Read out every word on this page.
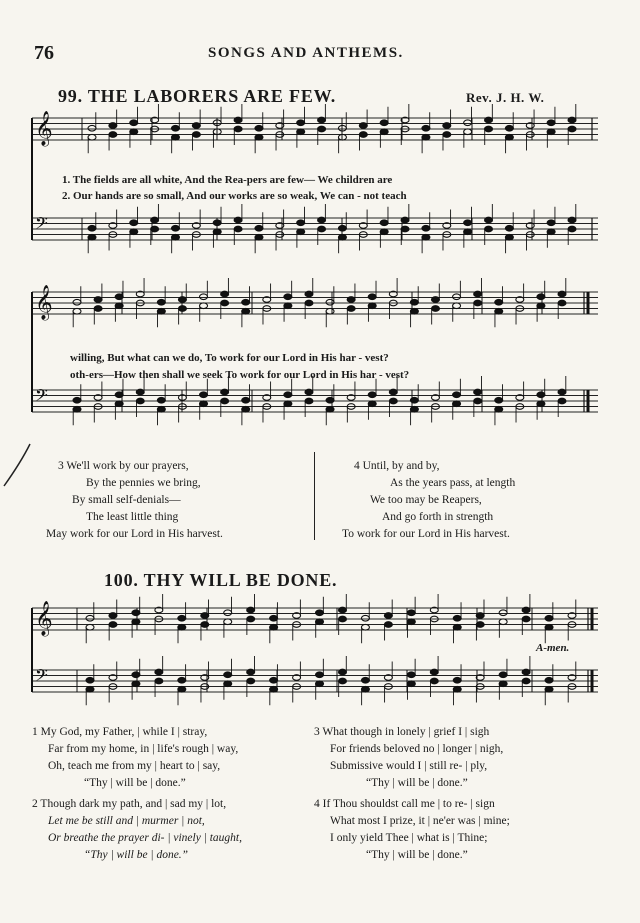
76	SONGS AND ANTHEMS.
99. THE LABORERS ARE FEW.	Rev. J. H. W.
𝄞
𝄢
1. The fields are all white, And the Rea-pers are few— We children are
2. Our hands are so small, And our works are so weak, We can - not teach
𝄞
𝄢
willing, But what can we do, To work for our Lord in His har - vest?
oth-ers—How then shall we seek To work for our Lord in His har - vest?
3 We'll work by our prayers,
By the pennies we bring,
By small self-denials—
The least little thing
May work for our Lord in His harvest.
4 Until, by and by,
As the years pass, at length
We too may be Reapers,
And go forth in strength
To work for our Lord in His harvest.
100. THY WILL BE DONE.
𝄞
𝄢
A-men.
1 My God, my Father, | while I | stray,
Far from my home, in | life's rough | way,
Oh, teach me from my | heart to | say,
“Thy | will be | done.”
2 Though dark my path, and | sad my | lot,
Let me be still and | murmer | not,
Or breathe the prayer di- | vinely | taught,
“Thy | will be | done.”
3 What though in lonely | grief I | sigh
For friends beloved no | longer | nigh,
Submissive would I | still re- | ply,
“Thy | will be | done.”
4 If Thou shouldst call me | to re- | sign
What most I prize, it | ne'er was | mine;
I only yield Thee | what is | Thine;
“Thy | will be | done.”
